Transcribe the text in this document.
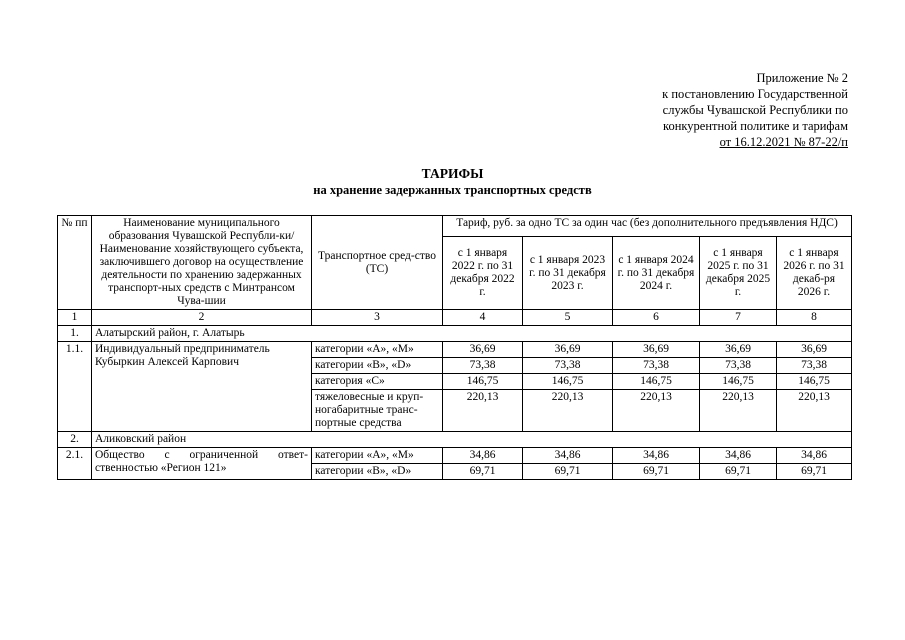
Приложение № 2
к постановлению Государственной
службы Чувашской Республики по
конкурентной политике и тарифам
от 16.12.2021 № 87-22/п
ТАРИФЫ
на хранение задержанных транспортных средств
№ пп	Наименование муниципального образования Чувашской Республи-ки/ Наименование хозяйствующего субъекта, заключившего договор на осуществление деятельности по хранению задержанных транспорт-ных средств с Минтрансом Чува-шии	Транспортное сред-ство (ТС)	Тариф, руб. за одно ТС за один час (без дополнительного предъявления НДС)				
			с 1 января 2022 г. по 31 декабря 2022 г.	с 1 января 2023 г. по 31 декабря 2023 г.	с 1 января 2024 г. по 31 декабря 2024 г.	с 1 января 2025 г. по 31 декабря 2025 г.	с 1 января 2026 г. по 31 декаб-ря 2026 г.
1	2	3	4	5	6	7	8
1.	Алатырский район, г. Алатырь						
1.1.	Индивидуальный предприниматель Кубыркин Алексей Карпович	категории «А», «М»	36,69	36,69	36,69	36,69	36,69
		категории «В», «D»	73,38	73,38	73,38	73,38	73,38
		категория «С»	146,75	146,75	146,75	146,75	146,75
		тяжеловесные и круп-ногабаритные транс-портные средства	220,13	220,13	220,13	220,13	220,13
2.	Аликовский район						
2.1.	Общество с ограниченной ответ-ственностью «Регион 121»	категории «А», «М»	34,86	34,86	34,86	34,86	34,86
		категории «В», «D»	69,71	69,71	69,71	69,71	69,71
